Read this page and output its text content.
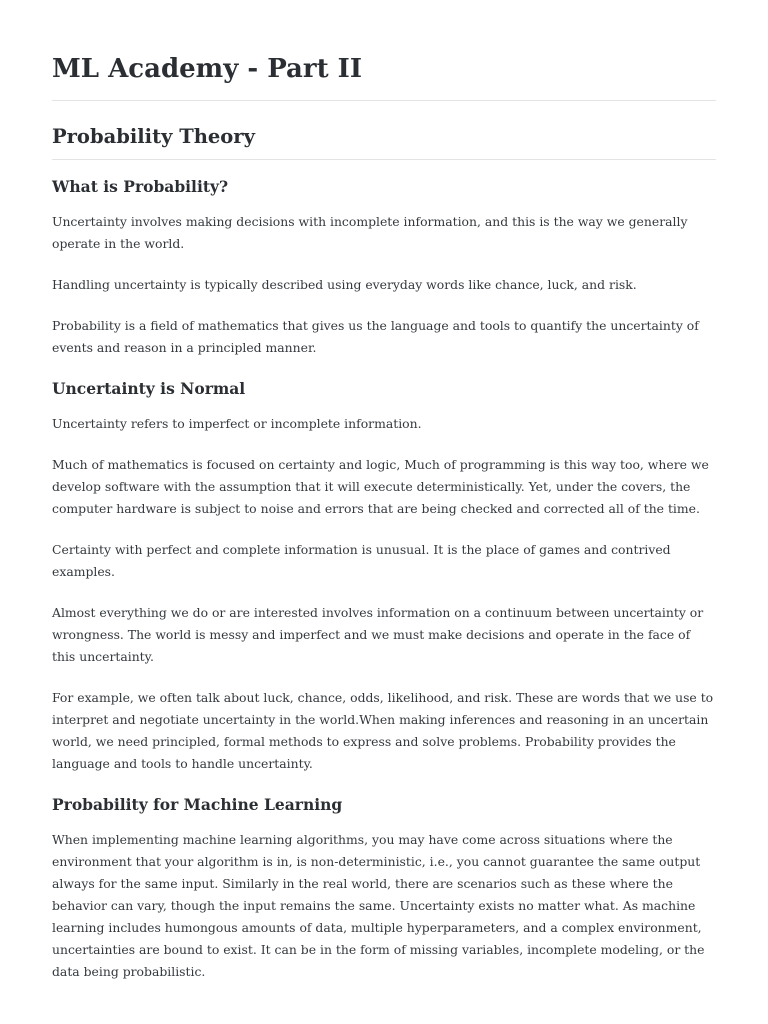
ML Academy - Part II
Probability Theory
What is Probability?

Uncertainty involves making decisions with incomplete information, and this is the way we generally operate in the world.

Handling uncertainty is typically described using everyday words like chance, luck, and risk.

Probability is a field of mathematics that gives us the language and tools to quantify the uncertainty of events and reason in a principled manner.

Uncertainty is Normal

Uncertainty refers to imperfect or incomplete information.

Much of mathematics is focused on certainty and logic, Much of programming is this way too, where we develop software with the assumption that it will execute deterministically. Yet, under the covers, the computer hardware is subject to noise and errors that are being checked and corrected all of the time.

Certainty with perfect and complete information is unusual. It is the place of games and contrived examples.

Almost everything we do or are interested involves information on a continuum between uncertainty or wrongness. The world is messy and imperfect and we must make decisions and operate in the face of this uncertainty.

For example, we often talk about luck, chance, odds, likelihood, and risk. These are words that we use to interpret and negotiate uncertainty in the world.When making inferences and reasoning in an uncertain world, we need principled, formal methods to express and solve problems. Probability provides the language and tools to handle uncertainty.

Probability for Machine Learning

When implementing machine learning algorithms, you may have come across situations where the environment that your algorithm is in, is non-deterministic, i.e., you cannot guarantee the same output always for the same input. Similarly in the real world, there are scenarios such as these where the behavior can vary, though the input remains the same. Uncertainty exists no matter what. As machine learning includes humongous amounts of data, multiple hyperparameters, and a complex environment, uncertainties are bound to exist. It can be in the form of missing variables, incomplete modeling, or the data being probabilistic.
